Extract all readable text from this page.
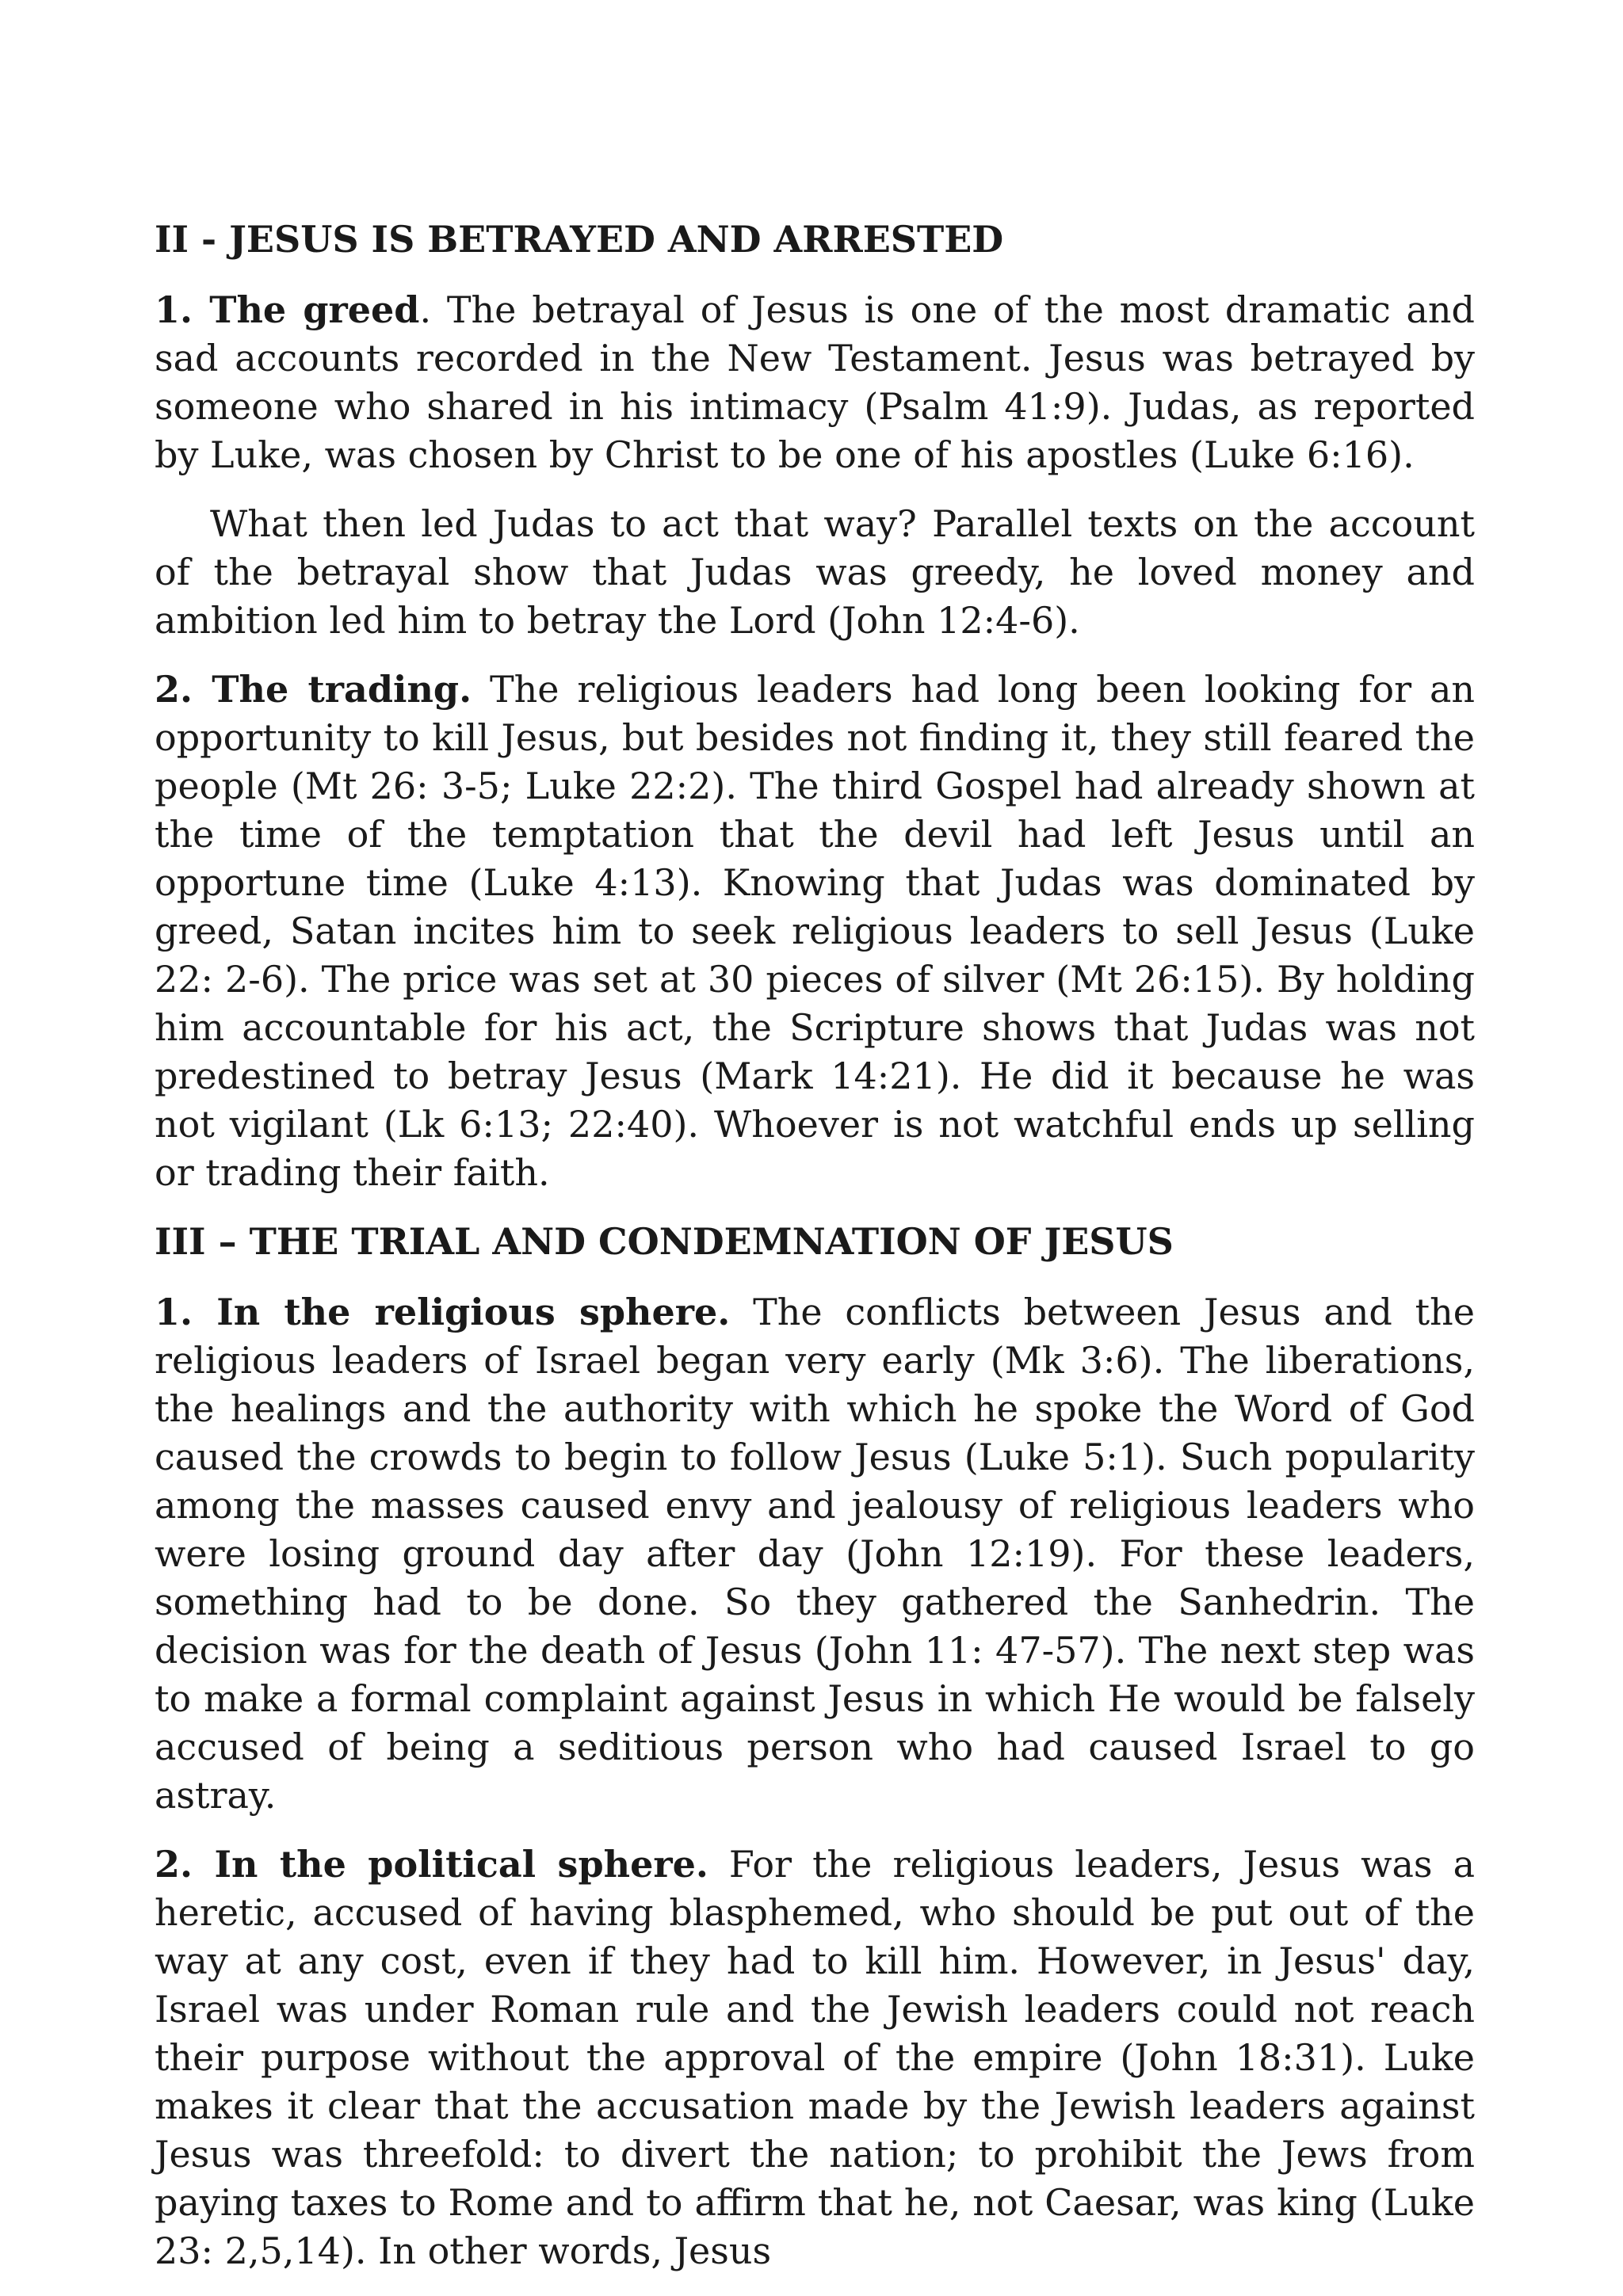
II - JESUS IS BETRAYED AND ARRESTED

1. The greed. The betrayal of Jesus is one of the most dramatic and sad accounts recorded in the New Testament. Jesus was betrayed by someone who shared in his intimacy (Psalm 41:9). Judas, as reported by Luke, was chosen by Christ to be one of his apostles (Luke 6:16).

What then led Judas to act that way? Parallel texts on the account of the betrayal show that Judas was greedy, he loved money and ambition led him to betray the Lord (John 12:4-6).

2. The trading. The religious leaders had long been looking for an opportunity to kill Jesus, but besides not finding it, they still feared the people (Mt 26: 3-5; Luke 22:2). The third Gospel had already shown at the time of the temptation that the devil had left Jesus until an opportune time (Luke 4:13). Knowing that Judas was dominated by greed, Satan incites him to seek religious leaders to sell Jesus (Luke 22: 2-6). The price was set at 30 pieces of silver (Mt 26:15). By holding him accountable for his act, the Scripture shows that Judas was not predestined to betray Jesus (Mark 14:21). He did it because he was not vigilant (Lk 6:13; 22:40). Whoever is not watchful ends up selling or trading their faith.

III – THE TRIAL AND CONDEMNATION OF JESUS

1. In the religious sphere. The conflicts between Jesus and the religious leaders of Israel began very early (Mk 3:6). The liberations, the healings and the authority with which he spoke the Word of God caused the crowds to begin to follow Jesus (Luke 5:1). Such popularity among the masses caused envy and jealousy of religious leaders who were losing ground day after day (John 12:19). For these leaders, something had to be done. So they gathered the Sanhedrin. The decision was for the death of Jesus (John 11: 47-57). The next step was to make a formal complaint against Jesus in which He would be falsely accused of being a seditious person who had caused Israel to go astray.

2. In the political sphere. For the religious leaders, Jesus was a heretic, accused of having blasphemed, who should be put out of the way at any cost, even if they had to kill him. However, in Jesus' day, Israel was under Roman rule and the Jewish leaders could not reach their purpose without the approval of the empire (John 18:31). Luke makes it clear that the accusation made by the Jewish leaders against Jesus was threefold: to divert the nation; to prohibit the Jews from paying taxes to Rome and to affirm that he, not Caesar, was king (Luke 23: 2,5,14). In other words, Jesus
